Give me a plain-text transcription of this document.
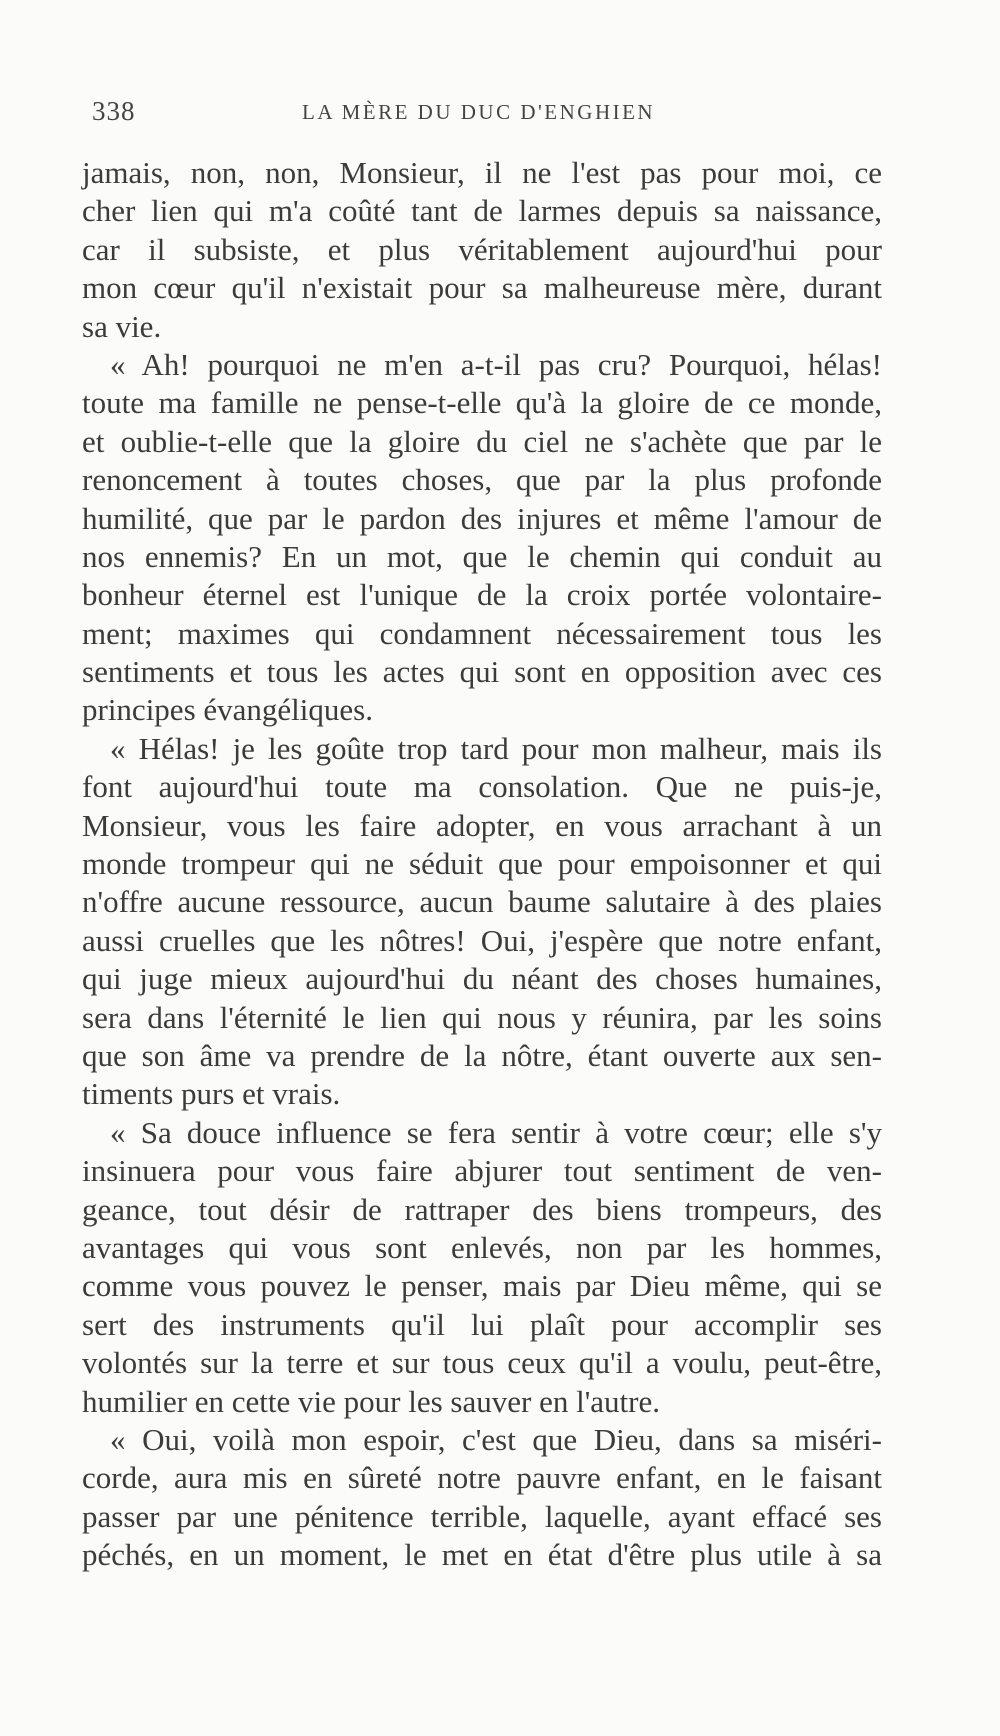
338	LA MÈRE DU DUC D'ENGHIEN
jamais, non, non, Monsieur, il ne l'est pas pour moi, ce
cher lien qui m'a coûté tant de larmes depuis sa naissance,
car il subsiste, et plus véritablement aujourd'hui pour
mon cœur qu'il n'existait pour sa malheureuse mère, durant
sa vie.
« Ah! pourquoi ne m'en a-t-il pas cru? Pourquoi, hélas!
toute ma famille ne pense-t-elle qu'à la gloire de ce monde,
et oublie-t-elle que la gloire du ciel ne s'achète que par le
renoncement à toutes choses, que par la plus profonde
humilité, que par le pardon des injures et même l'amour de
nos ennemis? En un mot, que le chemin qui conduit au
bonheur éternel est l'unique de la croix portée volontaire-
ment; maximes qui condamnent nécessairement tous les
sentiments et tous les actes qui sont en opposition avec ces
principes évangéliques.
« Hélas! je les goûte trop tard pour mon malheur, mais ils
font aujourd'hui toute ma consolation. Que ne puis-je,
Monsieur, vous les faire adopter, en vous arrachant à un
monde trompeur qui ne séduit que pour empoisonner et qui
n'offre aucune ressource, aucun baume salutaire à des plaies
aussi cruelles que les nôtres! Oui, j'espère que notre enfant,
qui juge mieux aujourd'hui du néant des choses humaines,
sera dans l'éternité le lien qui nous y réunira, par les soins
que son âme va prendre de la nôtre, étant ouverte aux sen-
timents purs et vrais.
« Sa douce influence se fera sentir à votre cœur; elle s'y
insinuera pour vous faire abjurer tout sentiment de ven-
geance, tout désir de rattraper des biens trompeurs, des
avantages qui vous sont enlevés, non par les hommes,
comme vous pouvez le penser, mais par Dieu même, qui se
sert des instruments qu'il lui plaît pour accomplir ses
volontés sur la terre et sur tous ceux qu'il a voulu, peut-être,
humilier en cette vie pour les sauver en l'autre.
« Oui, voilà mon espoir, c'est que Dieu, dans sa miséri-
corde, aura mis en sûreté notre pauvre enfant, en le faisant
passer par une pénitence terrible, laquelle, ayant effacé ses
péchés, en un moment, le met en état d'être plus utile à sa
